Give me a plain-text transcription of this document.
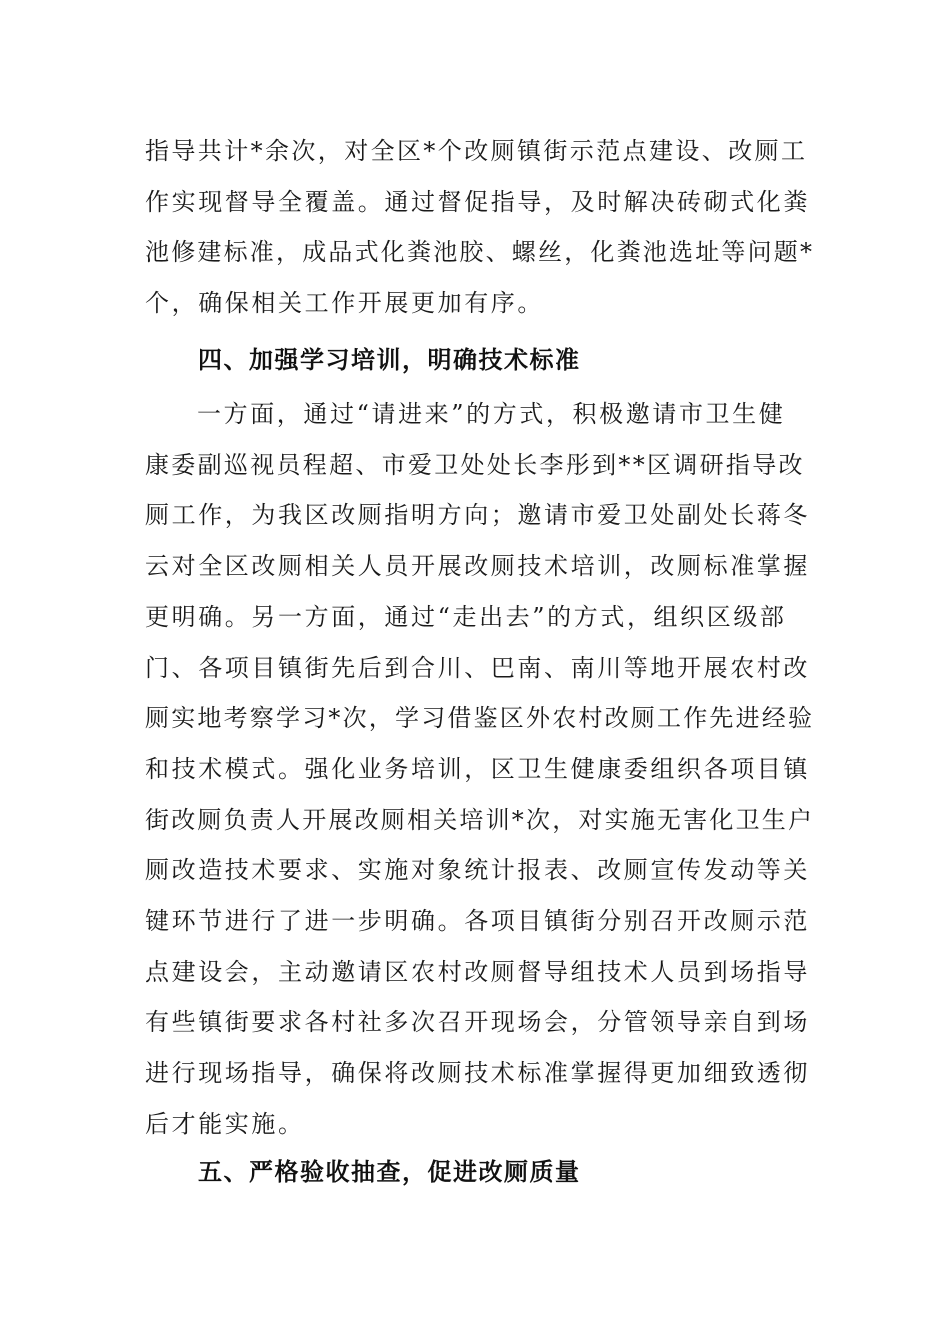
指导共计*余次，对全区*个改厕镇街示范点建设、改厕工
作实现督导全覆盖。通过督促指导，及时解决砖砌式化粪
池修建标准，成品式化粪池胶、螺丝，化粪池选址等问题*
个，确保相关工作开展更加有序。
四、加强学习培训，明确技术标准
一方面，通过“请进来”的方式，积极邀请市卫生健
康委副巡视员程超、市爱卫处处长李彤到**区调研指导改
厕工作，为我区改厕指明方向；邀请市爱卫处副处长蒋冬
云对全区改厕相关人员开展改厕技术培训，改厕标准掌握
更明确。另一方面，通过“走出去”的方式，组织区级部
门、各项目镇街先后到合川、巴南、南川等地开展农村改
厕实地考察学习*次，学习借鉴区外农村改厕工作先进经验
和技术模式。强化业务培训，区卫生健康委组织各项目镇
街改厕负责人开展改厕相关培训*次，对实施无害化卫生户
厕改造技术要求、实施对象统计报表、改厕宣传发动等关
键环节进行了进一步明确。各项目镇街分别召开改厕示范
点建设会，主动邀请区农村改厕督导组技术人员到场指导
有些镇街要求各村社多次召开现场会，分管领导亲自到场
进行现场指导，确保将改厕技术标准掌握得更加细致透彻
后才能实施。
五、严格验收抽查，促进改厕质量
